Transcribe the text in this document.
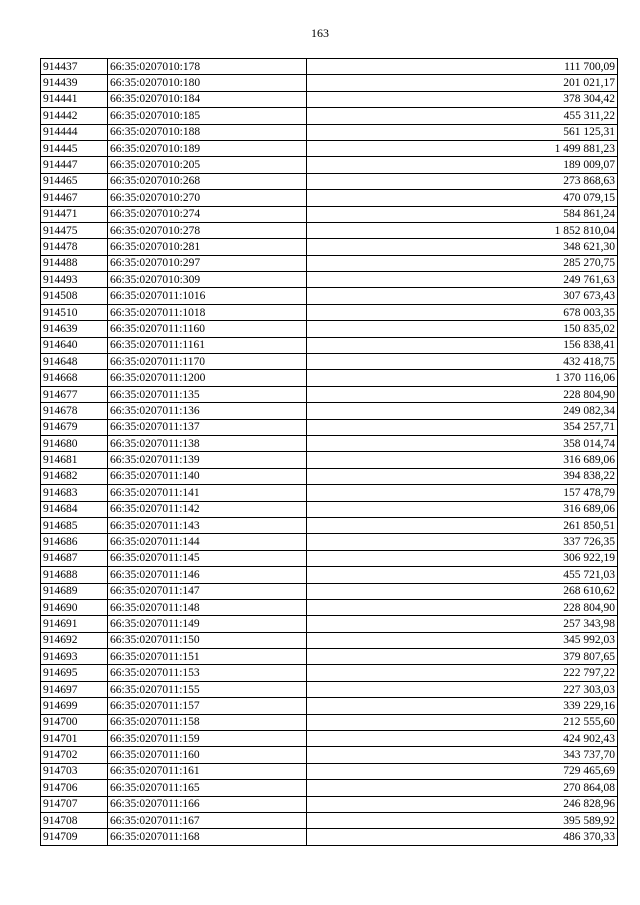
163
914437	66:35:0207010:178	111 700,09
914439	66:35:0207010:180	201 021,17
914441	66:35:0207010:184	378 304,42
914442	66:35:0207010:185	455 311,22
914444	66:35:0207010:188	561 125,31
914445	66:35:0207010:189	1 499 881,23
914447	66:35:0207010:205	189 009,07
914465	66:35:0207010:268	273 868,63
914467	66:35:0207010:270	470 079,15
914471	66:35:0207010:274	584 861,24
914475	66:35:0207010:278	1 852 810,04
914478	66:35:0207010:281	348 621,30
914488	66:35:0207010:297	285 270,75
914493	66:35:0207010:309	249 761,63
914508	66:35:0207011:1016	307 673,43
914510	66:35:0207011:1018	678 003,35
914639	66:35:0207011:1160	150 835,02
914640	66:35:0207011:1161	156 838,41
914648	66:35:0207011:1170	432 418,75
914668	66:35:0207011:1200	1 370 116,06
914677	66:35:0207011:135	228 804,90
914678	66:35:0207011:136	249 082,34
914679	66:35:0207011:137	354 257,71
914680	66:35:0207011:138	358 014,74
914681	66:35:0207011:139	316 689,06
914682	66:35:0207011:140	394 838,22
914683	66:35:0207011:141	157 478,79
914684	66:35:0207011:142	316 689,06
914685	66:35:0207011:143	261 850,51
914686	66:35:0207011:144	337 726,35
914687	66:35:0207011:145	306 922,19
914688	66:35:0207011:146	455 721,03
914689	66:35:0207011:147	268 610,62
914690	66:35:0207011:148	228 804,90
914691	66:35:0207011:149	257 343,98
914692	66:35:0207011:150	345 992,03
914693	66:35:0207011:151	379 807,65
914695	66:35:0207011:153	222 797,22
914697	66:35:0207011:155	227 303,03
914699	66:35:0207011:157	339 229,16
914700	66:35:0207011:158	212 555,60
914701	66:35:0207011:159	424 902,43
914702	66:35:0207011:160	343 737,70
914703	66:35:0207011:161	729 465,69
914706	66:35:0207011:165	270 864,08
914707	66:35:0207011:166	246 828,96
914708	66:35:0207011:167	395 589,92
914709	66:35:0207011:168	486 370,33
